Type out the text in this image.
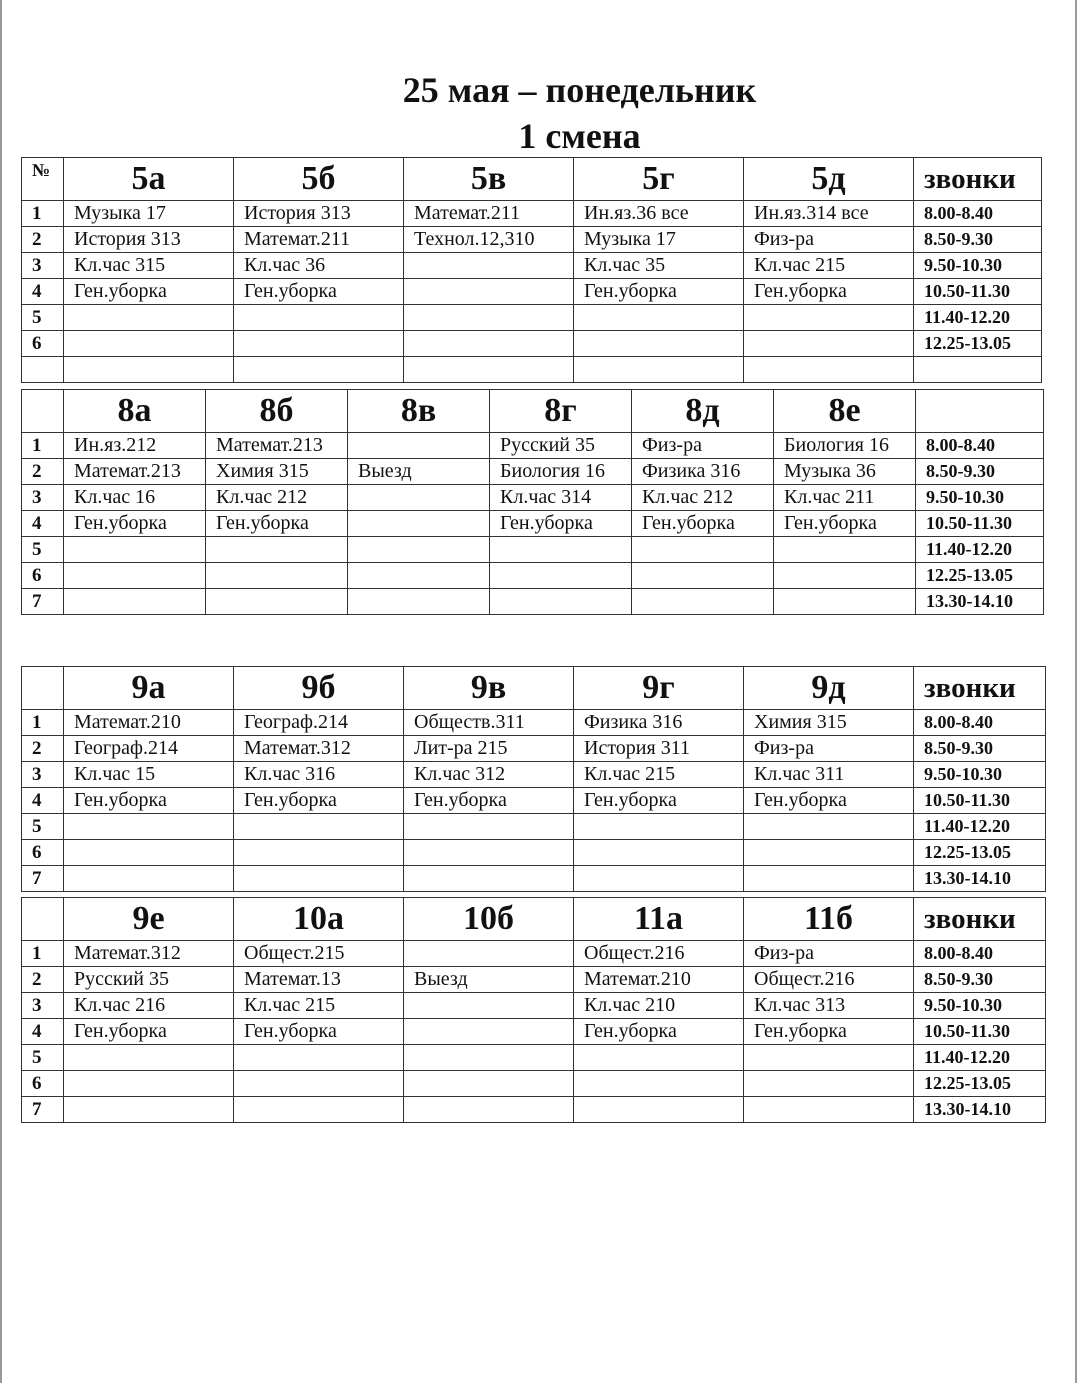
25 мая – понедельник
1 смена
№	5а	5б	5в	5г	5д	звонки
1	Музыка 17	История 313	Математ.211	Ин.яз.36 все	Ин.яз.314 все	8.00-8.40
2	История 313	Математ.211	Технол.12,310	Музыка 17	Физ-ра	8.50-9.30
3	Кл.час 315	Кл.час 36		Кл.час 35	Кл.час 215	9.50-10.30
4	Ген.уборка	Ген.уборка		Ген.уборка	Ген.уборка	10.50-11.30
5						11.40-12.20
6						12.25-13.05

	8а	8б	8в	8г	8д	8е	
1	Ин.яз.212	Математ.213		Русский 35	Физ-ра	Биология 16	8.00-8.40
2	Математ.213	Химия 315	Выезд	Биология 16	Физика 316	Музыка 36	8.50-9.30
3	Кл.час 16	Кл.час 212		Кл.час 314	Кл.час 212	Кл.час 211	9.50-10.30
4	Ген.уборка	Ген.уборка		Ген.уборка	Ген.уборка	Ген.уборка	10.50-11.30
5							11.40-12.20
6							12.25-13.05
7							13.30-14.10
	9а	9б	9в	9г	9д	звонки
1	Математ.210	Географ.214	Обществ.311	Физика 316	Химия 315	8.00-8.40
2	Географ.214	Математ.312	Лит-ра 215	История 311	Физ-ра	8.50-9.30
3	Кл.час 15	Кл.час 316	Кл.час 312	Кл.час 215	Кл.час 311	9.50-10.30
4	Ген.уборка	Ген.уборка	Ген.уборка	Ген.уборка	Ген.уборка	10.50-11.30
5						11.40-12.20
6						12.25-13.05
7						13.30-14.10
	9е	10а	10б	11а	11б	звонки
1	Математ.312	Общест.215		Общест.216	Физ-ра	8.00-8.40
2	Русский 35	Математ.13	Выезд	Математ.210	Общест.216	8.50-9.30
3	Кл.час 216	Кл.час 215		Кл.час 210	Кл.час 313	9.50-10.30
4	Ген.уборка	Ген.уборка		Ген.уборка	Ген.уборка	10.50-11.30
5						11.40-12.20
6						12.25-13.05
7						13.30-14.10
